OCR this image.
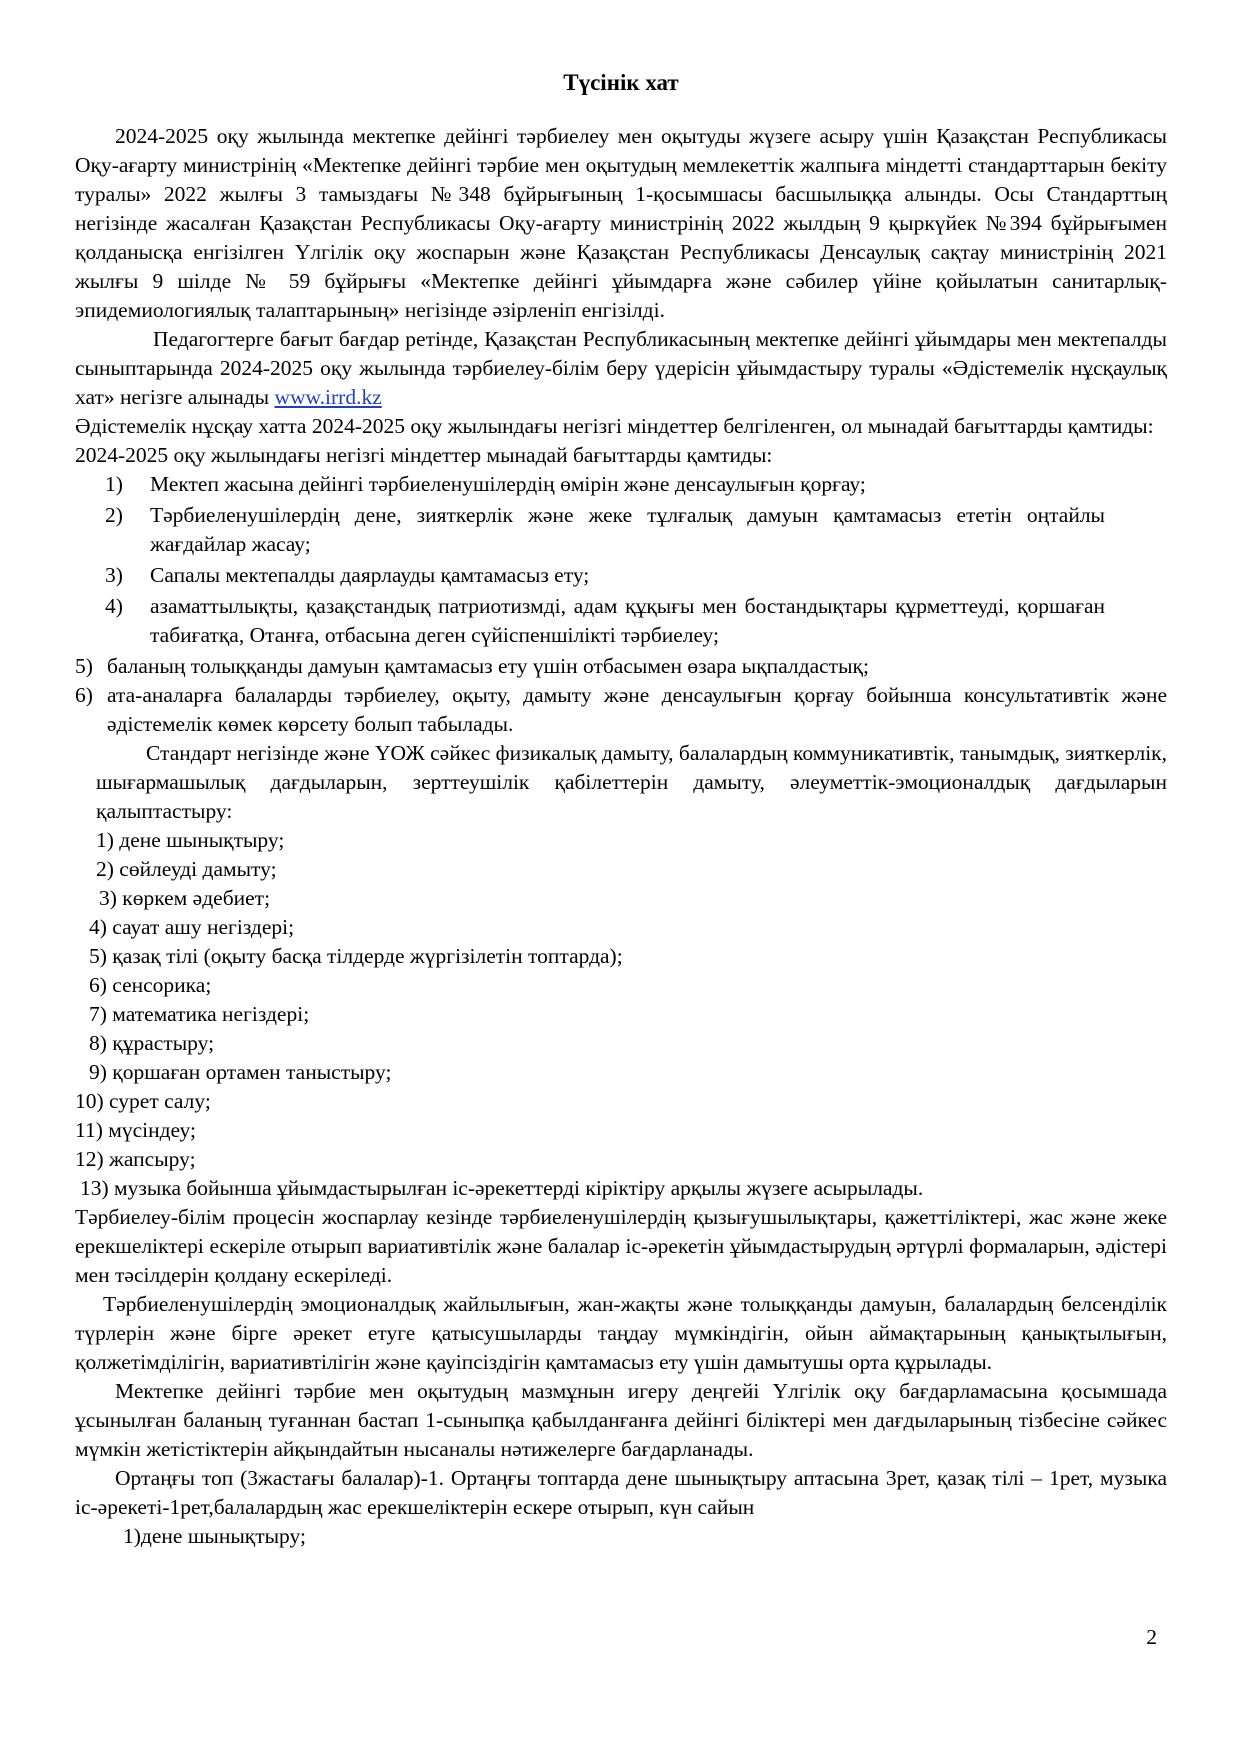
Түсінік хат

2024-2025 оқу жылында мектепке дейінгі тәрбиелеу мен оқытуды жүзеге асыру үшін Қазақстан Республикасы Оқу-ағарту министрінің «Мектепке дейінгі тәрбие мен оқытудың мемлекеттік жалпыға міндетті стандарттарын бекіту туралы» 2022 жылғы 3 тамыздағы №348 бұйрығының 1-қосымшасы басшылыққа алынды. Осы Стандарттың негізінде жасалған Қазақстан Республикасы Оқу-ағарту министрінің 2022 жылдың 9 қыркүйек №394 бұйрығымен қолданысқа енгізілген Үлгілік оқу жоспарын және Қазақстан Республикасы Денсаулық сақтау министрінің 2021 жылғы 9 шілде № 59 бұйрығы «Мектепке дейінгі ұйымдарға және сәбилер үйіне қойылатын санитарлық-эпидемиологиялық талаптарының» негізінде әзірленіп енгізілді.

Педагогтерге бағыт бағдар ретінде, Қазақстан Республикасының мектепке дейінгі ұйымдары мен мектепалды сыныптарында 2024-2025 оқу жылында тәрбиелеу-білім беру үдерісін ұйымдастыру туралы «Әдістемелік нұсқаулық хат» негізге алынады www.irrd.kz

Әдістемелік нұсқау хатта 2024-2025 оқу жылындағы негізгі міндеттер белгіленген, ол мынадай бағыттарды қамтиды:

2024-2025 оқу жылындағы негізгі міндеттер мынадай бағыттарды қамтиды:

1)	Мектеп жасына дейінгі тәрбиеленушілердің өмірін және денсаулығын қорғау;
2)	Тәрбиеленушілердің дене, зияткерлік және жеке тұлғалық дамуын қамтамасыз ететін оңтайлы жағдайлар жасау;
3)	Сапалы мектепалды даярлауды қамтамасыз ету;
4)	азаматтылықты, қазақстандық патриотизмді, адам құқығы мен бостандықтары құрметтеуді, қоршаған табиғатқа, Отанға, отбасына деген сүйіспеншілікті тәрбиелеу;
5) баланың толыққанды дамуын қамтамасыз ету үшін отбасымен өзара ықпалдастық;
6) ата-аналарға балаларды тәрбиелеу, оқыту, дамыту және денсаулығын қорғау бойынша консультативтік және әдістемелік көмек көрсету болып табылады.

Стандарт негізінде және ҮОЖ сәйкес физикалық дамыту, балалардың коммуникативтік, танымдық, зияткерлік, шығармашылық дағдыларын, зерттеушілік қабілеттерін дамыту, әлеуметтік-эмоционалдық дағдыларын қалыптастыру:

1) дене шынықтыру;
2) сөйлеуді дамыту;
3) көркем әдебиет;
4) сауат ашу негіздері;
5) қазақ тілі (оқыту басқа тілдерде жүргізілетін топтарда);
6) сенсорика;
7) математика негіздері;
8) құрастыру;
9) қоршаған ортамен таныстыру;
10) сурет салу;
11) мүсіндеу;
12) жапсыру;
13) музыка бойынша ұйымдастырылған іс-әрекеттерді кіріктіру арқылы жүзеге асырылады.

Тәрбиелеу-білім процесін жоспарлау кезінде тәрбиеленушілердің қызығушылықтары, қажеттіліктері, жас және жеке ерекшеліктері ескеріле отырып вариативтілік және балалар іс-әрекетін ұйымдастырудың әртүрлі формаларын, әдістері мен тәсілдерін қолдану ескеріледі.

Тәрбиеленушілердің эмоционалдық жайлылығын, жан-жақты және толыққанды дамуын, балалардың белсенділік түрлерін және бірге әрекет етуге қатысушыларды таңдау мүмкіндігін, ойын аймақтарының қанықтылығын, қолжетімділігін, вариативтілігін және қауіпсіздігін қамтамасыз ету үшін дамытушы орта құрылады.

Мектепке дейінгі тәрбие мен оқытудың мазмұнын игеру деңгейі Үлгілік оқу бағдарламасына қосымшада ұсынылған баланың туғаннан бастап 1-сыныпқа қабылданғанға дейінгі біліктері мен дағдыларының тізбесіне сәйкес мүмкін жетістіктерін айқындайтын нысаналы нәтижелерге бағдарланады.

Ортаңғы топ (3жастағы балалар)-1. Ортаңғы топтарда дене шынықтыру аптасына 3рет, қазақ тілі – 1рет, музыка іс-әрекеті-1рет,балалардың жас ерекшеліктерін ескере отырып, күн сайын

1)дене шынықтыру;

2
